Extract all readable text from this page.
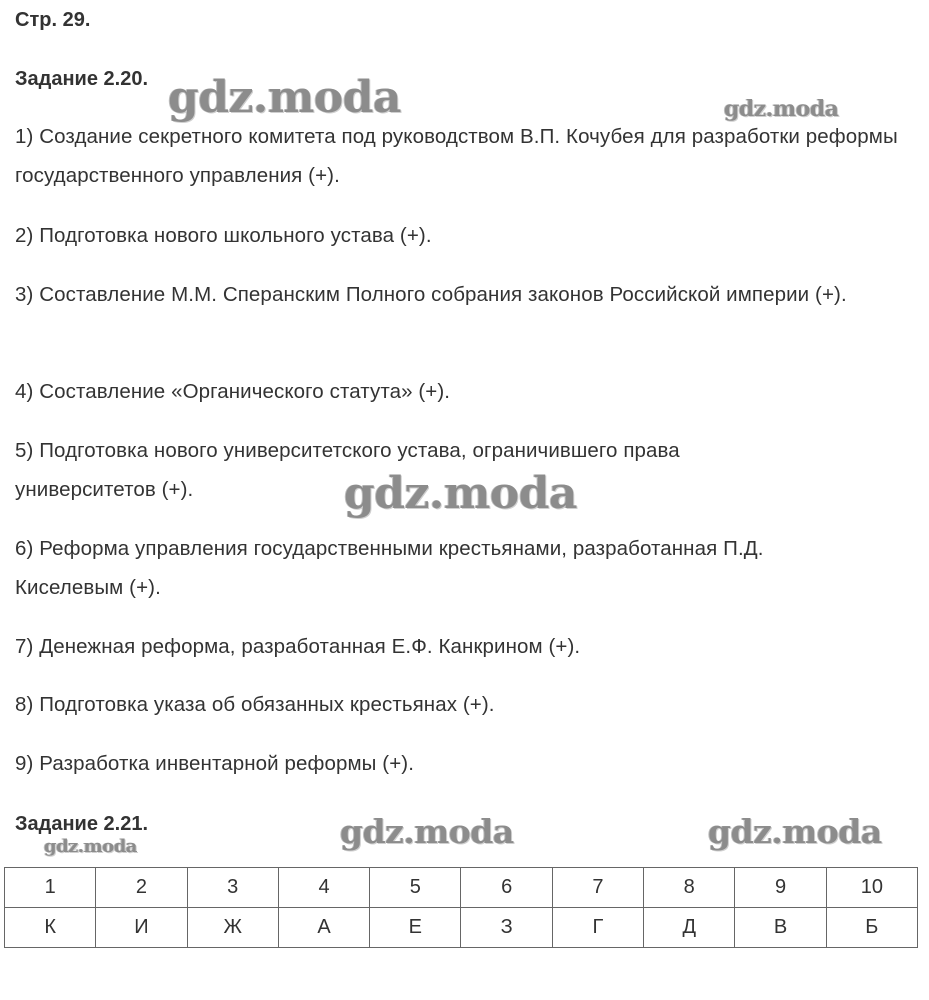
Стр. 29.
Задание 2.20.
1) Создание секретного комитета под руководством В.П. Кочубея для разработки реформы государственного управления (+).
2) Подготовка нового школьного устава (+).
3) Составление М.М. Сперанским Полного собрания законов Российской империи (+).
4) Составление «Органического статута» (+).
5) Подготовка нового университетского устава, ограничившего права университетов (+).
6) Реформа управления государственными крестьянами, разработанная П.Д. Киселевым (+).
7) Денежная реформа, разработанная Е.Ф. Канкрином (+).
8) Подготовка указа об обязанных крестьянах (+).
9) Разработка инвентарной реформы (+).
Задание 2.21.
1	2	3	4	5	6	7	8	9	10
К	И	Ж	А	Е	З	Г	Д	В	Б
gdz.moda	gdz.moda
gdz.moda
gdz.moda	gdz.moda
gdz.moda
